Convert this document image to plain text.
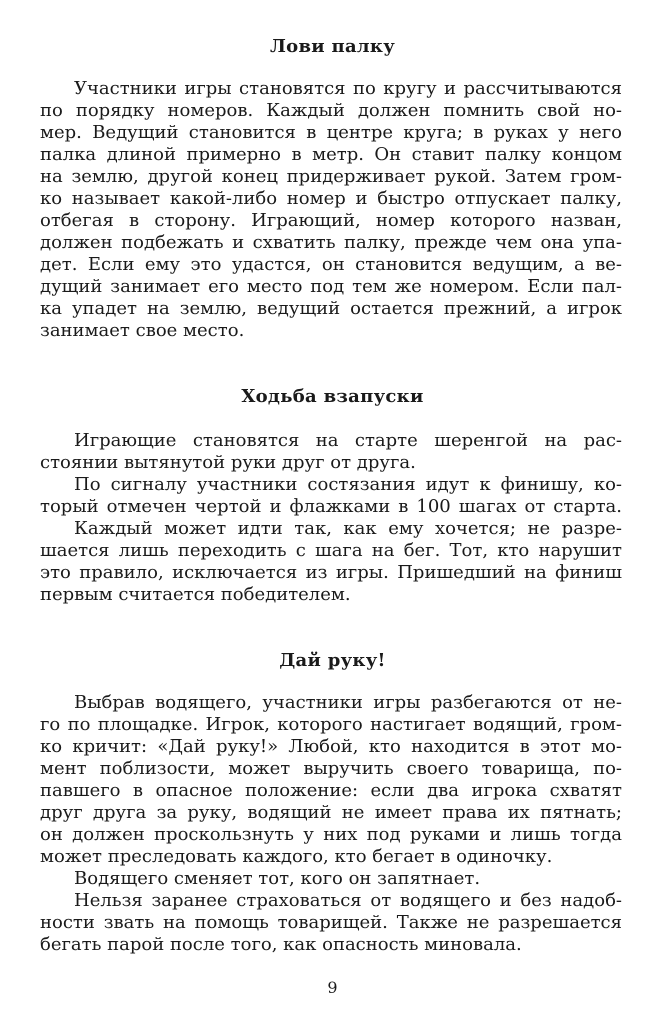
Лови палку
Участники игры становятся по кругу и рассчитываются
по порядку номеров. Каждый должен помнить свой но-
мер. Ведущий становится в центре круга; в руках у него
палка длиной примерно в метр. Он ставит палку концом
на землю, другой конец придерживает рукой. Затем гром-
ко называет какой-либо номер и быстро отпускает палку,
отбегая в сторону. Играющий, номер которого назван,
должен подбежать и схватить палку, прежде чем она упа-
дет. Если ему это удастся, он становится ведущим, а ве-
дущий занимает его место под тем же номером. Если пал-
ка упадет на землю, ведущий остается прежний, а игрок
занимает свое место.
Ходьба взапуски
Играющие становятся на старте шеренгой на рас-
стоянии вытянутой руки друг от друга.
По сигналу участники состязания идут к финишу, ко-
торый отмечен чертой и флажками в 100 шагах от старта.
Каждый может идти так, как ему хочется; не разре-
шается лишь переходить с шага на бег. Тот, кто нарушит
это правило, исключается из игры. Пришедший на финиш
первым считается победителем.
Дай руку!
Выбрав водящего, участники игры разбегаются от не-
го по площадке. Игрок, которого настигает водящий, гром-
ко кричит: «Дай руку!» Любой, кто находится в этот мо-
мент поблизости, может выручить своего товарища, по-
павшего в опасное положение: если два игрока схватят
друг друга за руку, водящий не имеет права их пятнать;
он должен проскользнуть у них под руками и лишь тогда
может преследовать каждого, кто бегает в одиночку.
Водящего сменяет тот, кого он запятнает.
Нельзя заранее страховаться от водящего и без надоб-
ности звать на помощь товарищей. Также не разрешается
бегать парой после того, как опасность миновала.
9
